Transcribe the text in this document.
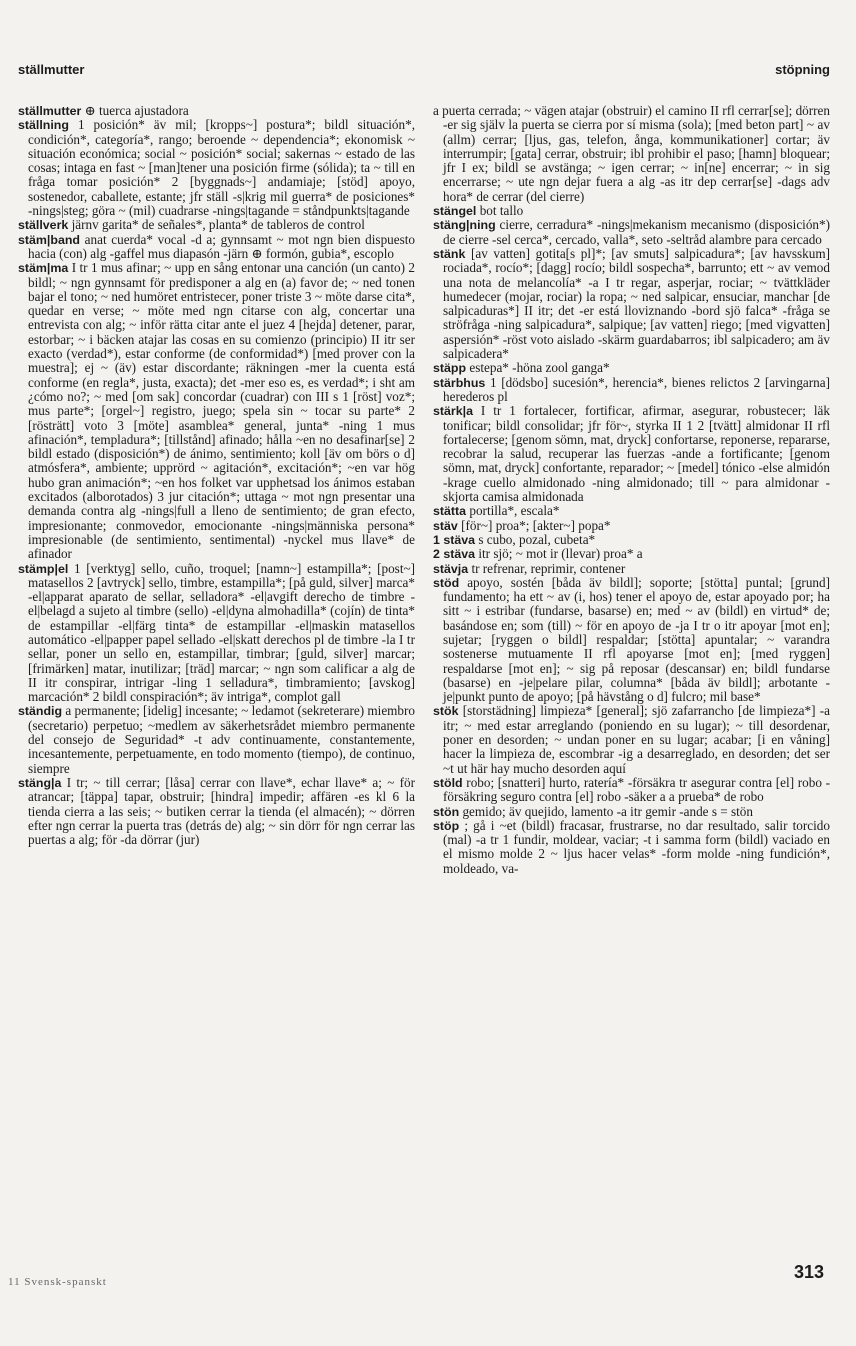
ställmutter	stöpning

ställmutter ⊕ tuerca ajustadora

ställning 1 posición* äv mil; [kropps~] postura*; bildl situación*, condición*, categoría*, rango; beroende ~ dependencia*; ekonomisk ~ situación económica; social ~ posición* social; sakernas ~ estado de las cosas; intaga en fast ~ [man]tener una posición firme (sólida); ta ~ till en fråga tomar posición* 2 [byggnads~] andamiaje; [stöd] apoyo, sostenedor, caballete, estante; jfr ställ -s|krig mil guerra* de posiciones* -nings|steg; göra ~ (mil) cuadrarse -nings|tagande = ståndpunkts|tagande

ställverk järnv garita* de señales*, planta* de tableros de control

stäm|band anat cuerda* vocal -d a; gynnsamt ~ mot ngn bien dispuesto hacia (con) alg -gaffel mus diapasón -järn ⊕ formón, gubia*, escoplo

stäm|ma I tr 1 mus afinar; ~ upp en sång entonar una canción (un canto) 2 bildl; ~ ngn gynnsamt för predisponer a alg en (a) favor de; ~ ned tonen bajar el tono; ~ ned humöret entristecer, poner triste 3 ~ möte darse cita*, quedar en verse; ~ möte med ngn citarse con alg, concertar una entrevista con alg; ~ inför rätta citar ante el juez 4 [hejda] detener, parar, estorbar; ~ i bäcken atajar las cosas en su comienzo (principio) II itr ser exacto (verdad*), estar conforme (de conformidad*) [med prover con la muestra]; ej ~ (äv) estar discordante; räkningen -mer la cuenta está conforme (en regla*, justa, exacta); det -mer eso es, es verdad*; i sht am ¿cómo no?; ~ med [om sak] concordar (cuadrar) con III s 1 [röst] voz*; mus parte*; [orgel~] registro, juego; spela sin ~ tocar su parte* 2 [rösträtt] voto 3 [möte] asamblea* general, junta* -ning 1 mus afinación*, templadura*; [tillstånd] afinado; hålla ~en no desafinar[se] 2 bildl estado (disposición*) de ánimo, sentimiento; koll [äv om börs o d] atmósfera*, ambiente; upprörd ~ agitación*, excitación*; ~en var hög hubo gran animación*; ~en hos folket var upphetsad los ánimos estaban excitados (alborotados) 3 jur citación*; uttaga ~ mot ngn presentar una demanda contra alg -nings|full a lleno de sentimiento; de gran efecto, impresionante; conmovedor, emocionante -nings|människa persona* impresionable (de sentimiento, sentimental) -nyckel mus llave* de afinador

stämp|el 1 [verktyg] sello, cuño, troquel; [namn~] estampilla*; [post~] matasellos 2 [avtryck] sello, timbre, estampilla*; [på guld, silver] marca* -el|apparat aparato de sellar, selladora* -el|avgift derecho de timbre -el|belagd a sujeto al timbre (sello) -el|dyna almohadilla* (cojín) de tinta* de estampillar -el|färg tinta* de estampillar -el|maskin matasellos automático -el|papper papel sellado -el|skatt derechos pl de timbre -la I tr sellar, poner un sello en, estampillar, timbrar; [guld, silver] marcar; [frimärken] matar, inutilizar; [träd] marcar; ~ ngn som calificar a alg de II itr conspirar, intrigar -ling 1 selladura*, timbramiento; [avskog] marcación* 2 bildl conspiración*; äv intriga*, complot gall

ständig a permanente; [idelig] incesante; ~ ledamot (sekreterare) miembro (secretario) perpetuo; ~medlem av säkerhetsrådet miembro permanente del consejo de Seguridad* -t adv continuamente, constantemente, incesantemente, perpetuamente, en todo momento (tiempo), de continuo, siempre

stäng|a I tr; ~ till cerrar; [låsa] cerrar con llave*, echar llave* a; ~ för atrancar; [täppa] tapar, obstruir; [hindra] impedir; affären -es kl 6 la tienda cierra a las seis; ~ butiken cerrar la tienda (el almacén); ~ dörren efter ngn cerrar la puerta tras (detrás de) alg; ~ sin dörr för ngn cerrar las puertas a alg; för -da dörrar (jur)

a puerta cerrada; ~ vägen atajar (obstruir) el camino II rfl cerrar[se]; dörren -er sig själv la puerta se cierra por sí misma (sola); [med beton part] ~ av (allm) cerrar; [ljus, gas, telefon, ånga, kommunikationer] cortar; äv interrumpir; [gata] cerrar, obstruir; ibl prohibir el paso; [hamn] bloquear; jfr I ex; bildl se avstänga; ~ igen cerrar; ~ in[ne] encerrar; ~ in sig encerrarse; ~ ute ngn dejar fuera a alg -as itr dep cerrar[se] -dags adv hora* de cerrar (del cierre)

stängel bot tallo

stäng|ning cierre, cerradura* -nings|mekanism mecanismo (disposición*) de cierre -sel cerca*, cercado, valla*, seto -seltråd alambre para cercado

stänk [av vatten] gotita[s pl]*; [av smuts] salpicadura*; [av havsskum] rociada*, rocío*; [dagg] rocío; bildl sospecha*, barrunto; ett ~ av vemod una nota de melancolía* -a I tr regar, asperjar, rociar; ~ tvättkläder humedecer (mojar, rociar) la ropa; ~ ned salpicar, ensuciar, manchar [de salpicaduras*] II itr; det -er está lloviznando -bord sjö falca* -fråga se ströfråga -ning salpicadura*, salpique; [av vatten] riego; [med vigvatten] aspersión* -röst voto aislado -skärm guardabarros; ibl salpicadero; am äv salpicadera*

stäpp estepa* -höna zool ganga*

stärbhus 1 [dödsbo] sucesión*, herencia*, bienes relictos 2 [arvingarna] herederos pl

stärk|a I tr 1 fortalecer, fortificar, afirmar, asegurar, robustecer; läk tonificar; bildl consolidar; jfr för~, styrka II 1 2 [tvätt] almidonar II rfl fortalecerse; [genom sömn, mat, dryck] confortarse, reponerse, repararse, recobrar la salud, recuperar las fuerzas -ande a fortificante; [genom sömn, mat, dryck] confortante, reparador; ~ [medel] tónico -else almidón -krage cuello almidonado -ning almidonado; till ~ para almidonar -skjorta camisa almidonada

stätta portilla*, escala*

stäv [för~] proa*; [akter~] popa*

1 stäva s cubo, pozal, cubeta*

2 stäva itr sjö; ~ mot ir (llevar) proa* a

stävja tr refrenar, reprimir, contener

stöd apoyo, sostén [båda äv bildl]; soporte; [stötta] puntal; [grund] fundamento; ha ett ~ av (i, hos) tener el apoyo de, estar apoyado por; ha sitt ~ i estribar (fundarse, basarse) en; med ~ av (bildl) en virtud* de; basándose en; som (till) ~ för en apoyo de -ja I tr o itr apoyar [mot en]; sujetar; [ryggen o bildl] respaldar; [stötta] apuntalar; ~ varandra sostenerse mutuamente II rfl apoyarse [mot en]; [med ryggen] respaldarse [mot en]; ~ sig på reposar (descansar) en; bildl fundarse (basarse) en -je|pelare pilar, columna* [båda äv bildl]; arbotante -je|punkt punto de apoyo; [på hävstång o d] fulcro; mil base*

stök [storstädning] limpieza* [general]; sjö zafarrancho [de limpieza*] -a itr; ~ med estar arreglando (poniendo en su lugar); ~ till desordenar, poner en desorden; ~ undan poner en su lugar; acabar; [i en våning] hacer la limpieza de, escombrar -ig a desarreglado, en desorden; det ser ~t ut här hay mucho desorden aquí

stöld robo; [snatteri] hurto, ratería* -försäkra tr asegurar contra [el] robo -försäkring seguro contra [el] robo -säker a a prueba* de robo

stön gemido; äv quejido, lamento -a itr gemir -ande s = stön

stöp ; gå i ~et (bildl) fracasar, frustrarse, no dar resultado, salir torcido (mal) -a tr 1 fundir, moldear, vaciar; -t i samma form (bildl) vaciado en el mismo molde 2 ~ ljus hacer velas* -form molde -ning fundición*, moldeado, va-

11 Svensk-spanskt	313
